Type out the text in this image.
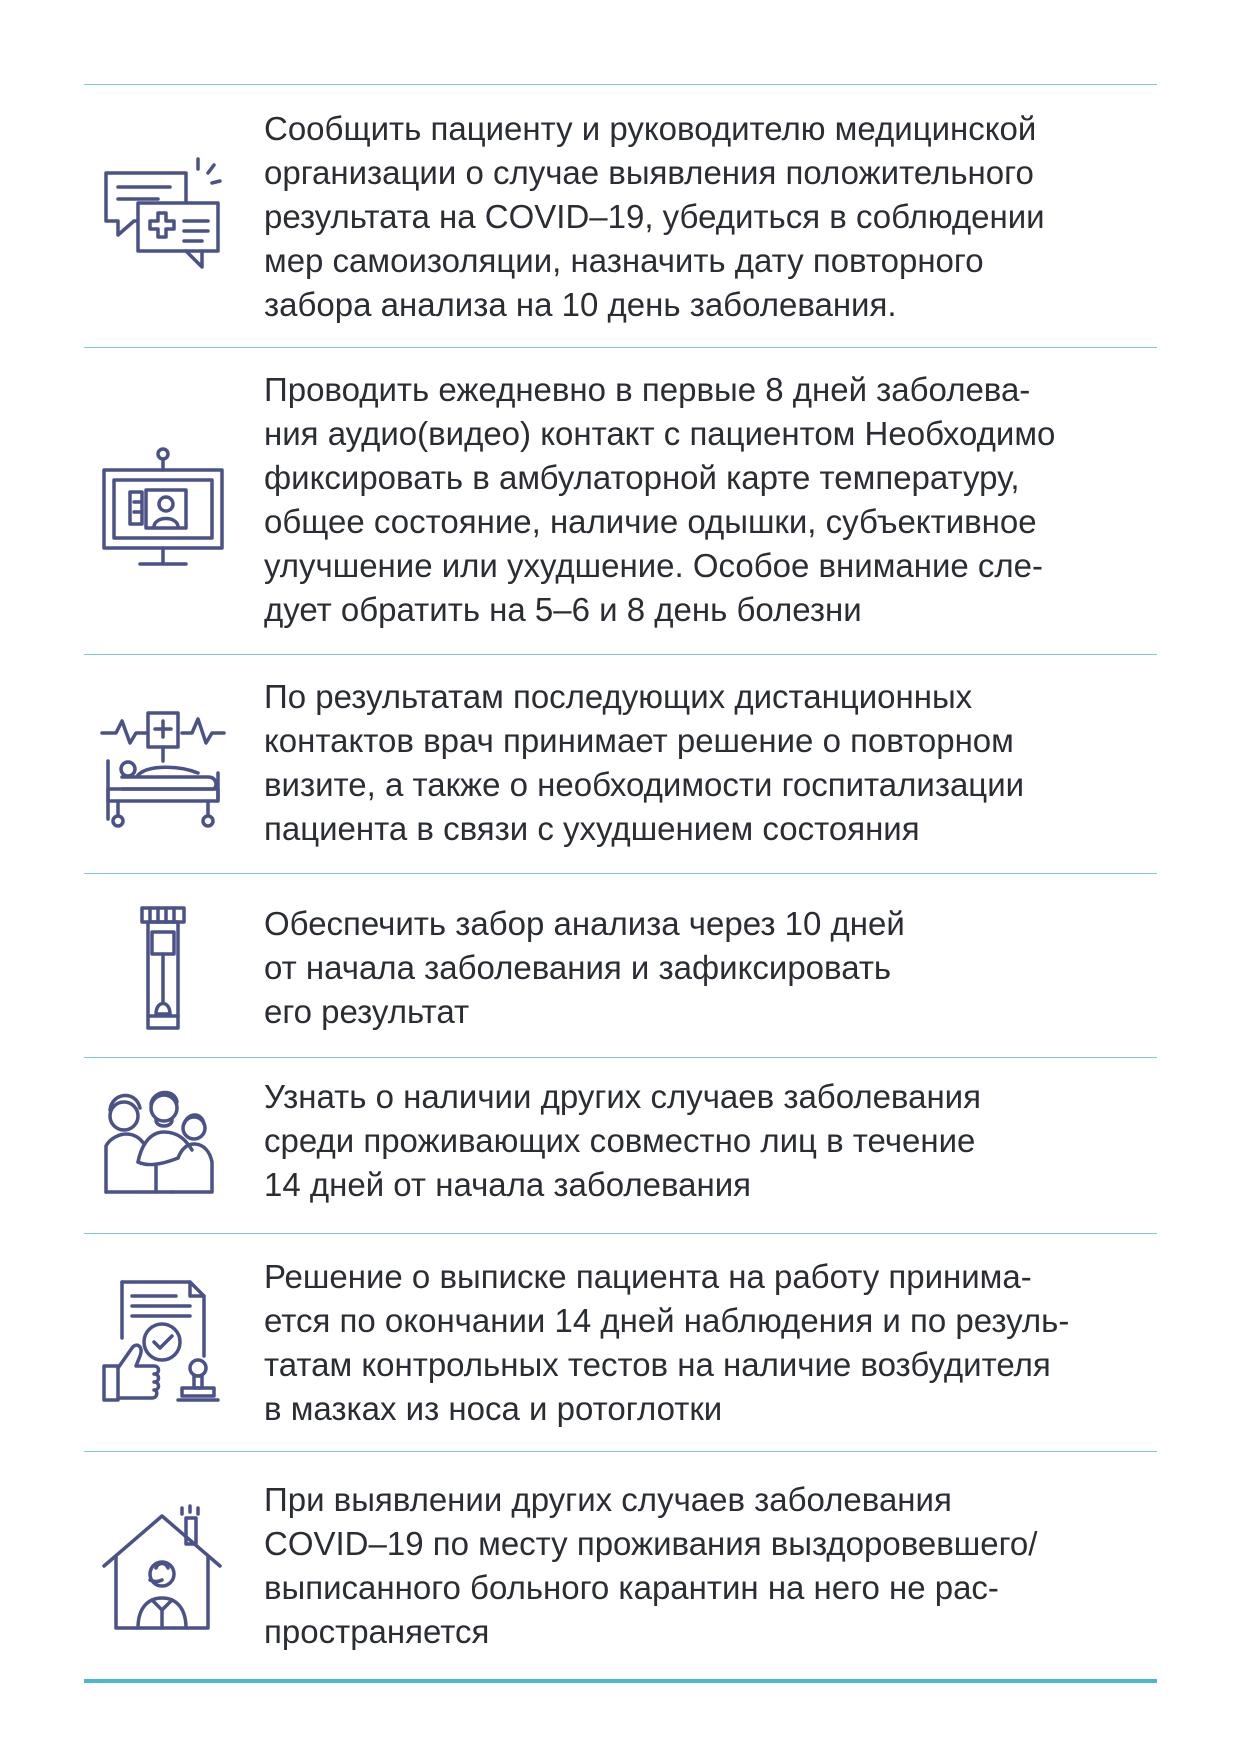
Сообщить пациенту и руководителю медицинской
организации о случае выявления положительного
результата на COVID–19, убедиться в соблюдении
мер самоизоляции, назначить дату повторного
забора анализа на 10 день заболевания.
Проводить ежедневно в первые 8 дней заболева-
ния аудио(видео) контакт с пациентом Необходимо
фиксировать в амбулаторной карте температуру,
общее состояние, наличие одышки, субъективное
улучшение или ухудшение. Особое внимание сле-
дует обратить на 5–6 и 8 день болезни
По результатам последующих дистанционных
контактов врач принимает решение о повторном
визите, а также о необходимости госпитализации
пациента в связи с ухудшением состояния
Обеспечить забор анализа через 10 дней
от начала заболевания и зафиксировать
его результат
Узнать о наличии других случаев заболевания
среди проживающих совместно лиц в течение
14 дней от начала заболевания
Решение о выписке пациента на работу принима-
ется по окончании 14 дней наблюдения и по резуль-
татам контрольных тестов на наличие возбудителя
в мазках из носа и ротоглотки
При выявлении других случаев заболевания
COVID–19 по месту проживания выздоровевшего/
выписанного больного карантин на него не рас-
пространяется
